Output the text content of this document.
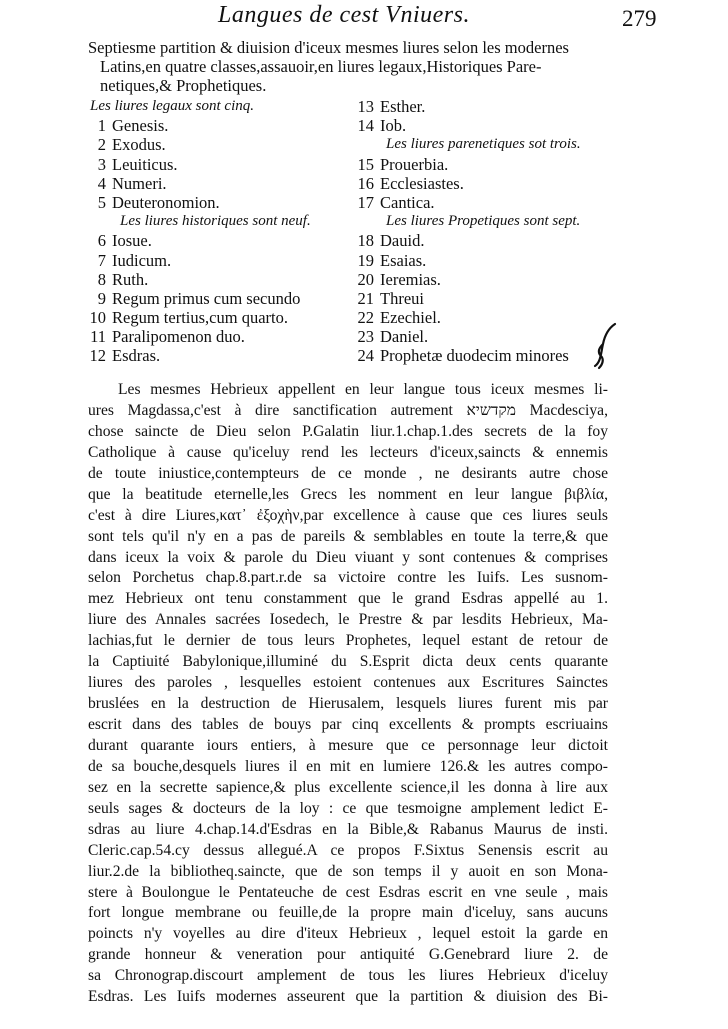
Langues de cest Vniuers.	279
Septiesme partition & diuision d'iceux mesmes liures selon les modernes
Latins,en quatre classes,assauoir,en liures legaux,Historiques Pare-
netiques,& Prophetiques.
Les liures legaux sont cinq.
1 Genesis.
2 Exodus.
3 Leuiticus.
4 Numeri.
5 Deuteronomion.
Les liures historiques sont neuf.
6 Iosue.
7 Iudicum.
8 Ruth.
9 Regum primus cum secundo
10 Regum tertius,cum quarto.
11 Paralipomenon duo.
12 Esdras.
13 Esther.
14 Iob.
Les liures parenetiques sot trois.
15 Prouerbia.
16 Ecclesiastes.
17 Cantica.
Les liures Propetiques sont sept.
18 Dauid.
19 Esaias.
20 Ieremias.
21 Threui
22 Ezechiel.
23 Daniel.
24 Prophetæ duodecim minores
Les mesmes Hebrieux appellent en leur langue tous iceux mesmes li-
ures Magdassa,c'est à dire sanctification autrement מקדשיא Macdesciya,
chose saincte de Dieu selon P.Galatin liur.1.chap.1.des secrets de la foy
Catholique à cause qu'iceluy rend les lecteurs d'iceux,saincts & ennemis
de toute iniustice,contempteurs de ce monde , ne desirants autre chose
que la beatitude eternelle,les Grecs les nomment en leur langue βιβλία,
c'est à dire Liures,κατ᾽ ἐξοχὴν,par excellence à cause que ces liures seuls
sont tels qu'il n'y en a pas de pareils & semblables en toute la terre,& que
dans iceux la voix & parole du Dieu viuant y sont contenues & comprises
selon Porchetus chap.8.part.r.de sa victoire contre les Iuifs. Les susnom-
mez Hebrieux ont tenu constamment que le grand Esdras appellé au 1.
liure des Annales sacrées Iosedech, le Prestre & par lesdits Hebrieux, Ma-
lachias,fut le dernier de tous leurs Prophetes, lequel estant de retour de
la Captiuité Babylonique,illuminé du S.Esprit dicta deux cents quarante
liures des paroles , lesquelles estoient contenues aux Escritures Sainctes
bruslées en la destruction de Hierusalem, lesquels liures furent mis par
escrit dans des tables de bouys par cinq excellents & prompts escriuains
durant quarante iours entiers, à mesure que ce personnage leur dictoit
de sa bouche,desquels liures il en mit en lumiere 126.& les autres compo-
sez en la secrette sapience,& plus excellente science,il les donna à lire aux
seuls sages & docteurs de la loy : ce que tesmoigne amplement ledict E-
sdras au liure 4.chap.14.d'Esdras en la Bible,& Rabanus Maurus de insti.
Cleric.cap.54.cy dessus allegué.A ce propos F.Sixtus Senensis escrit au
liur.2.de la bibliotheq.saincte, que de son temps il y auoit en son Mona-
stere à Boulongue le Pentateuche de cest Esdras escrit en vne seule , mais
fort longue membrane ou feuille,de la propre main d'iceluy, sans aucuns
poincts n'y voyelles au dire d'iteux Hebrieux , lequel estoit la garde en
grande honneur & veneration pour antiquité G.Genebrard liure 2. de
sa Chronograp.discourt amplement de tous les liures Hebrieux d'iceluy
Esdras. Les Iuifs modernes asseurent que la partition & diuision des Bi-
